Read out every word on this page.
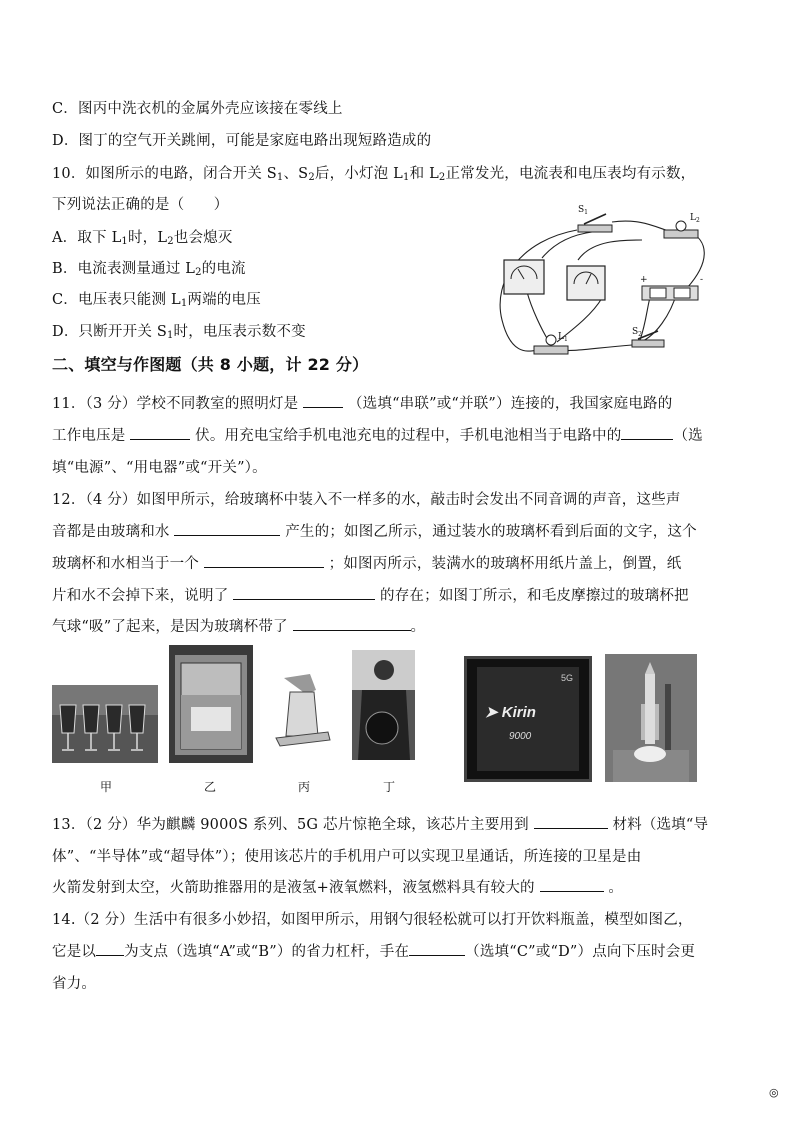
C．图丙中洗衣机的金属外壳应该接在零线上
D．图丁的空气开关跳闸，可能是家庭电路出现短路造成的
10．如图所示的电路，闭合开关 $S_1$、$S_2$后，小灯泡 $L_1$和 $L_2$正常发光，电流表和电压表均有示数，
下列说法正确的是（　　）
A．取下 $L_1$时，$L_2$也会熄灭
B．电流表测量通过 $L_2$的电流
C．电压表只能测 $L_1$两端的电压
D．只断开开关 $S_1$时，电压表示数不变
$S_1$
$S_2$
$L_2$
$L_1$
+	-
二、填空与作图题（共 8 小题，计 22 分）
11．（3 分）学校不同教室的照明灯是	（选填“串联”或“并联”）连接的，我国家庭电路的
工作电压是	伏。用充电宝给手机电池充电的过程中，手机电池相当于电路中的	（选
填“电源”、“用电器”或“开关”）。
12．（4 分）如图甲所示，给玻璃杯中装入不一样多的水，敲击时会发出不同音调的声音，这些声
音都是由玻璃和水	产生的；如图乙所示，通过装水的玻璃杯看到后面的文字，这个
玻璃杯和水相当于一个	；如图丙所示，装满水的玻璃杯用纸片盖上，倒置，纸
片和水不会掉下来，说明了	的存在；如图丁所示，和毛皮摩擦过的玻璃杯把
气球“吸”了起来，是因为玻璃杯带了	。
甲	乙	丙	丁
5G
➤ Kirin
9000
13．（2 分）华为麒麟 9000S 系列、5G 芯片惊艳全球，该芯片主要用到	材料（选填“导
体”、“半导体”或“超导体”）；使用该芯片的手机用户可以实现卫星通话，所连接的卫星是由
火箭发射到太空，火箭助推器用的是液氢+液氧燃料，液氢燃料具有较大的	。
14.（2 分）生活中有很多小妙招，如图甲所示，用钢勺很轻松就可以打开饮料瓶盖，模型如图乙，
它是以 为支点（选填“A”或“B”）的省力杠杆，手在	（选填“C”或“D”）点向下压时会更
省力。
◎
